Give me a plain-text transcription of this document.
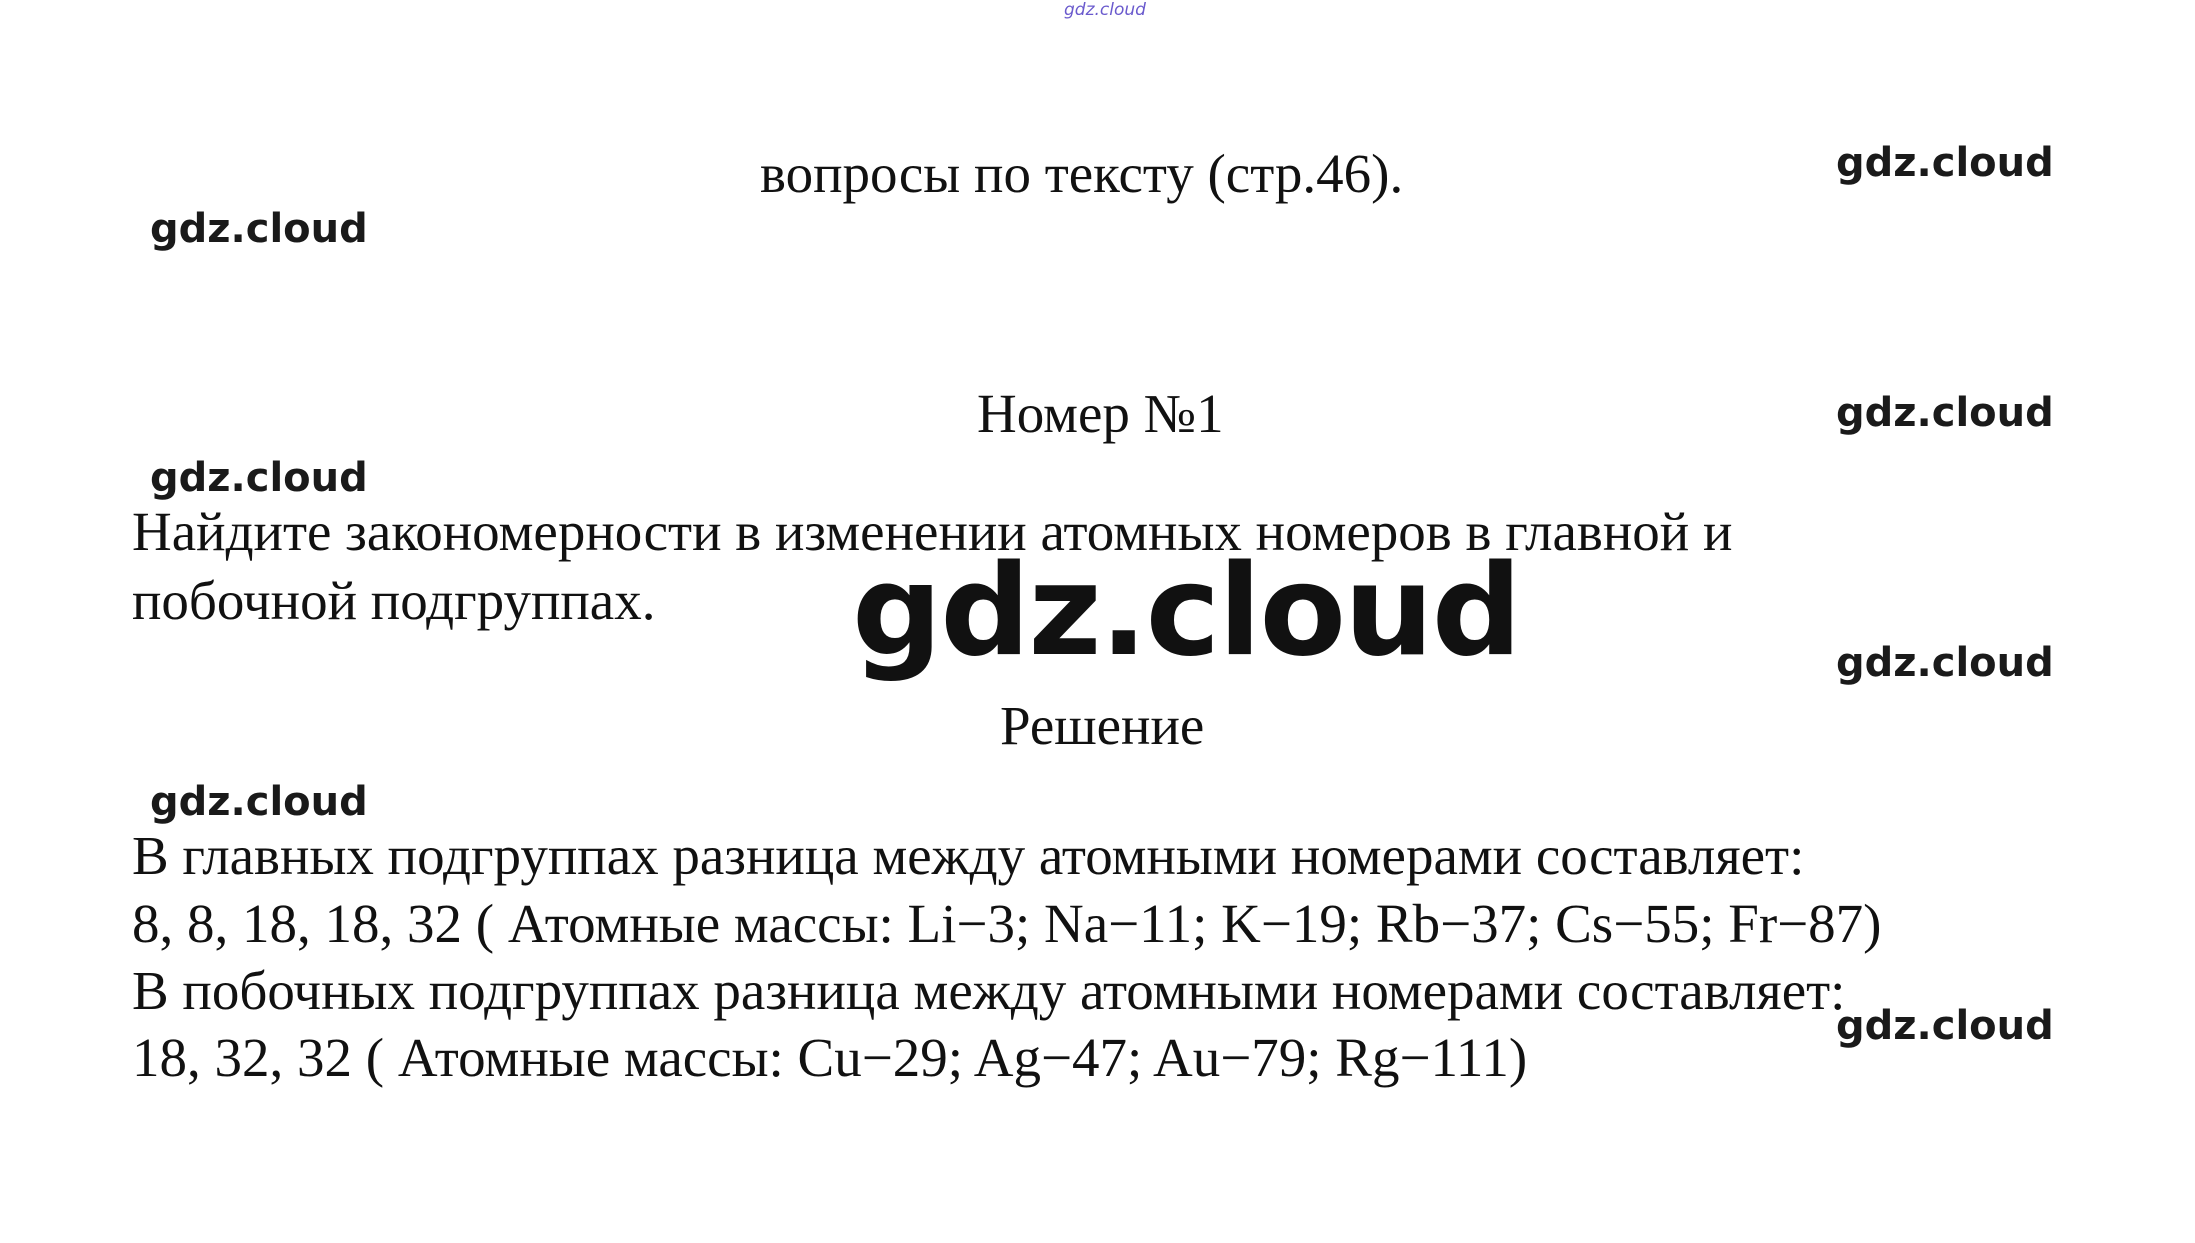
gdz.cloud
вопросы по тексту (стр.46).	gdz.cloud
gdz.cloud
Номер №1	gdz.cloud
gdz.cloud
Найдите закономерности в изменении атомных номеров в главной и
побочной подгруппах. gdz.cloud	gdz.cloud
Решение
gdz.cloud
В главных подгруппах разница между атомными номерами составляет:
8, 8, 18, 18, 32 ( Атомные массы: Li−3; Na−11; K−19; Rb−37; Cs−55; Fr−87)
В побочных подгруппах разница между атомными номерами составляет:
18, 32, 32 ( Атомные массы: Cu−29; Ag−47; Au−79; Rg−111)
gdz.cloud
